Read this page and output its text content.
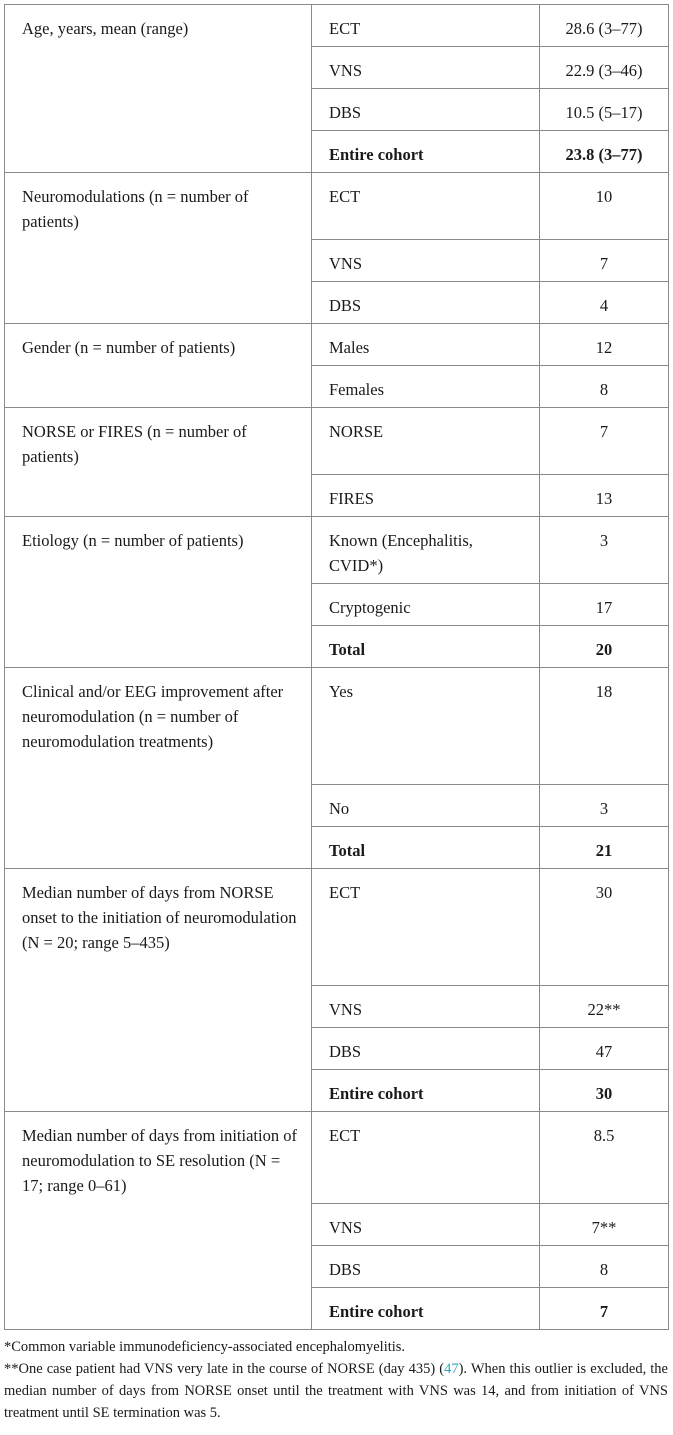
Age, years, mean (range)	ECT	28.6 (3–77)
	VNS	22.9 (3–46)
	DBS	10.5 (5–17)
	Entire cohort	23.8 (3–77)
Neuromodulations (n = number of patients)	ECT	10
	VNS	7
	DBS	4
Gender (n = number of patients)	Males	12
	Females	8
NORSE or FIRES (n = number of patients)	NORSE	7
	FIRES	13
Etiology (n = number of patients)	Known (Encephalitis, CVID*)	3
	Cryptogenic	17
	Total	20
Clinical and/or EEG improvement after neuromodulation (n = number of neuromodulation treatments)	Yes	18
	No	3
	Total	21
Median number of days from NORSE onset to the initiation of neuromodulation (N = 20; range 5–435)	ECT	30
	VNS	22**
	DBS	47
	Entire cohort	30
Median number of days from initiation of neuromodulation to SE resolution (N = 17; range 0–61)	ECT	8.5
	VNS	7**
	DBS	8
	Entire cohort	7

*Common variable immunodeficiency-associated encephalomyelitis.

**One case patient had VNS very late in the course of NORSE (day 435) (47). When this outlier is excluded, the median number of days from NORSE onset until the treatment with VNS was 14, and from initiation of VNS treatment until SE termination was 5.
